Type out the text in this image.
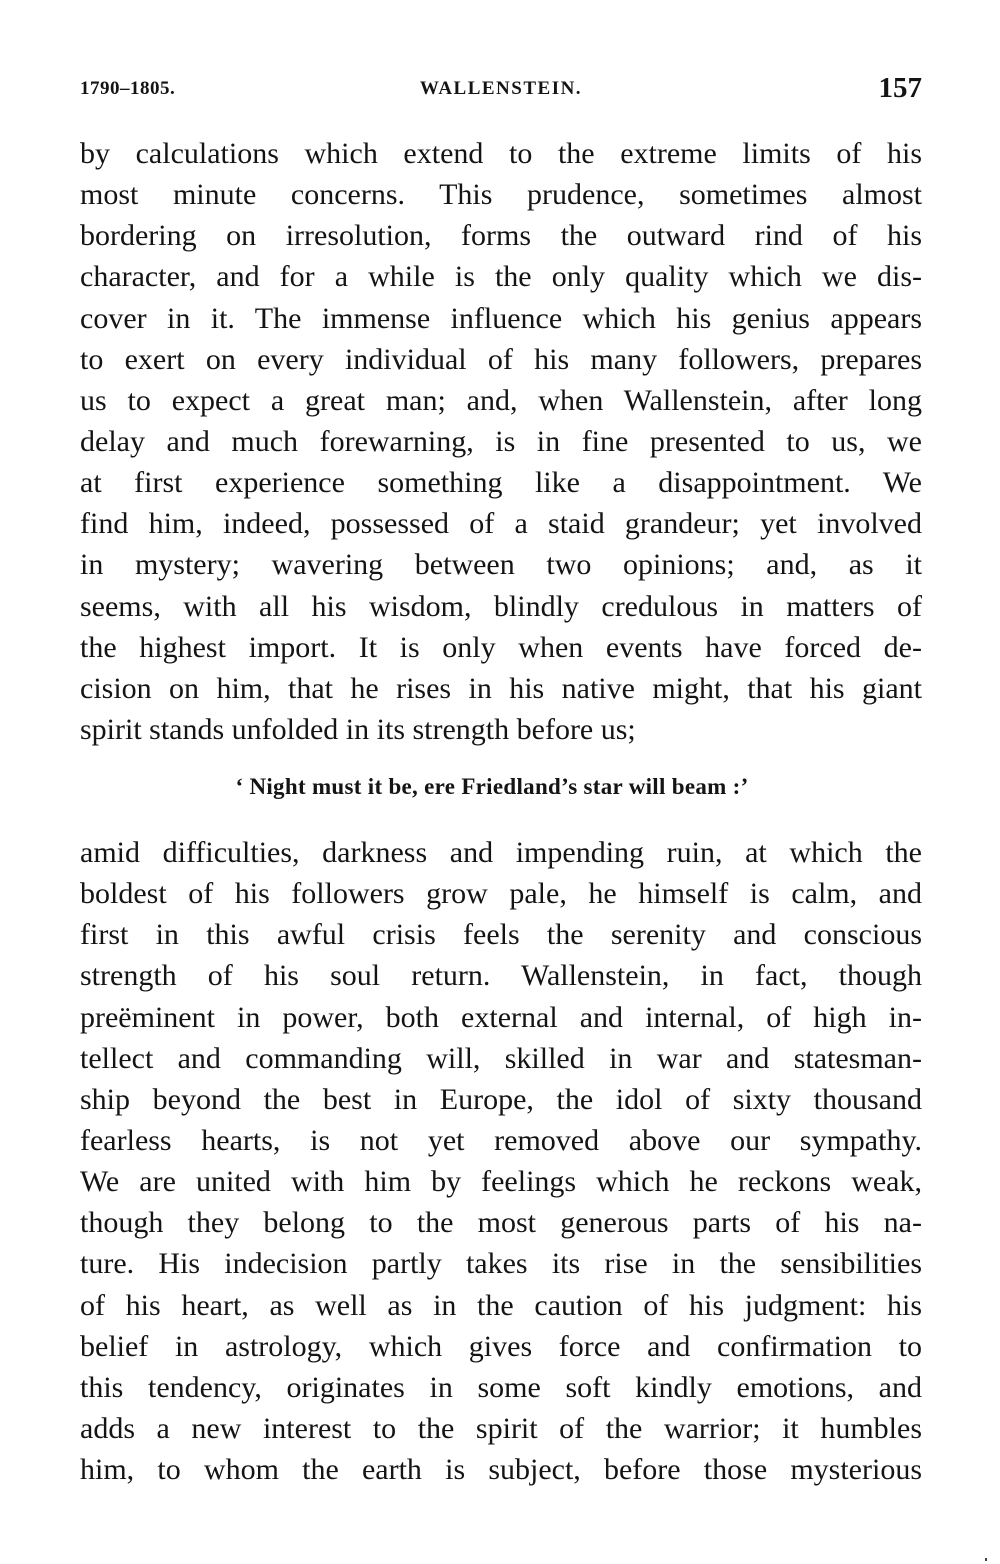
1790–1805.	WALLENSTEIN.	157
by calculations which extend to the extreme limits of his
most minute concerns. This prudence, sometimes almost
bordering on irresolution, forms the outward rind of his
character, and for a while is the only quality which we dis-
cover in it. The immense influence which his genius appears
to exert on every individual of his many followers, prepares
us to expect a great man; and, when Wallenstein, after long
delay and much forewarning, is in fine presented to us, we
at first experience something like a disappointment. We
find him, indeed, possessed of a staid grandeur; yet involved
in mystery; wavering between two opinions; and, as it
seems, with all his wisdom, blindly credulous in matters of
the highest import. It is only when events have forced de-
cision on him, that he rises in his native might, that his giant
spirit stands unfolded in its strength before us;
‘ Night must it be, ere Friedland’s star will beam :’
amid difficulties, darkness and impending ruin, at which the
boldest of his followers grow pale, he himself is calm, and
first in this awful crisis feels the serenity and conscious
strength of his soul return. Wallenstein, in fact, though
preëminent in power, both external and internal, of high in-
tellect and commanding will, skilled in war and statesman-
ship beyond the best in Europe, the idol of sixty thousand
fearless hearts, is not yet removed above our sympathy.
We are united with him by feelings which he reckons weak,
though they belong to the most generous parts of his na-
ture. His indecision partly takes its rise in the sensibilities
of his heart, as well as in the caution of his judgment: his
belief in astrology, which gives force and confirmation to
this tendency, originates in some soft kindly emotions, and
adds a new interest to the spirit of the warrior; it humbles
him, to whom the earth is subject, before those mysterious
